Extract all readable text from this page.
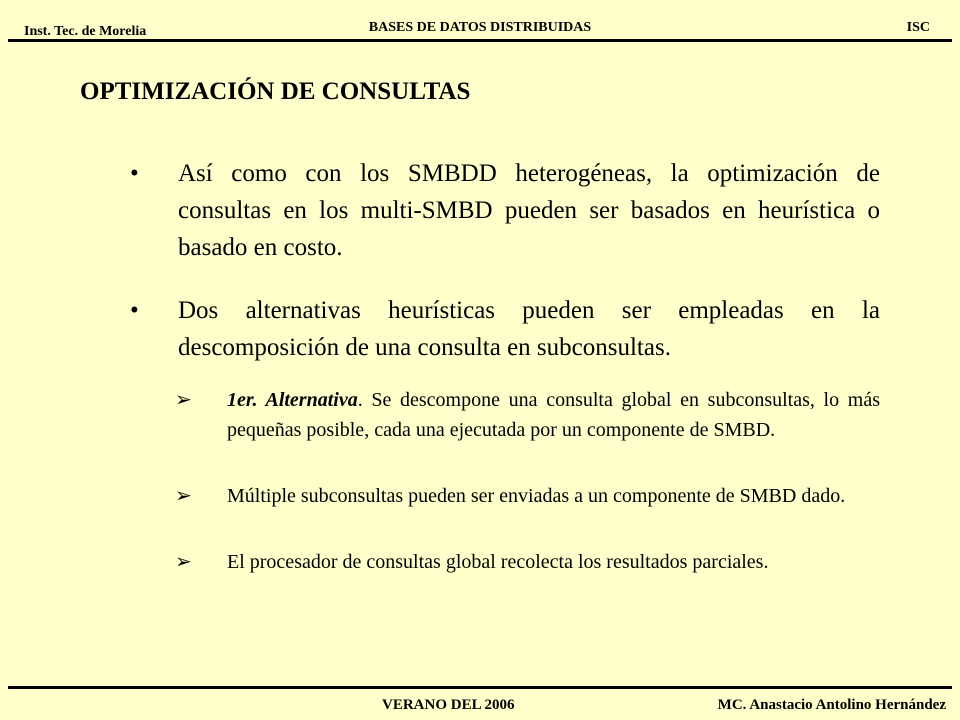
Inst. Tec. de Morelia	BASES DE DATOS DISTRIBUIDAS	ISC
OPTIMIZACIÓN DE CONSULTAS
• Así como con los SMBDD heterogéneas, la optimización de consultas en los multi-SMBD pueden ser basados en heurística o basado en costo.
• Dos alternativas heurísticas pueden ser empleadas en la descomposición de una consulta en subconsultas.
➢ 1er. Alternativa. Se descompone una consulta global en subconsultas, lo más pequeñas posible, cada una ejecutada por un componente de SMBD.
➢ Múltiple subconsultas pueden ser enviadas a un componente de SMBD dado.
➢ El procesador de consultas global recolecta los resultados parciales.
VERANO DEL 2006	MC. Anastacio Antolino Hernández
